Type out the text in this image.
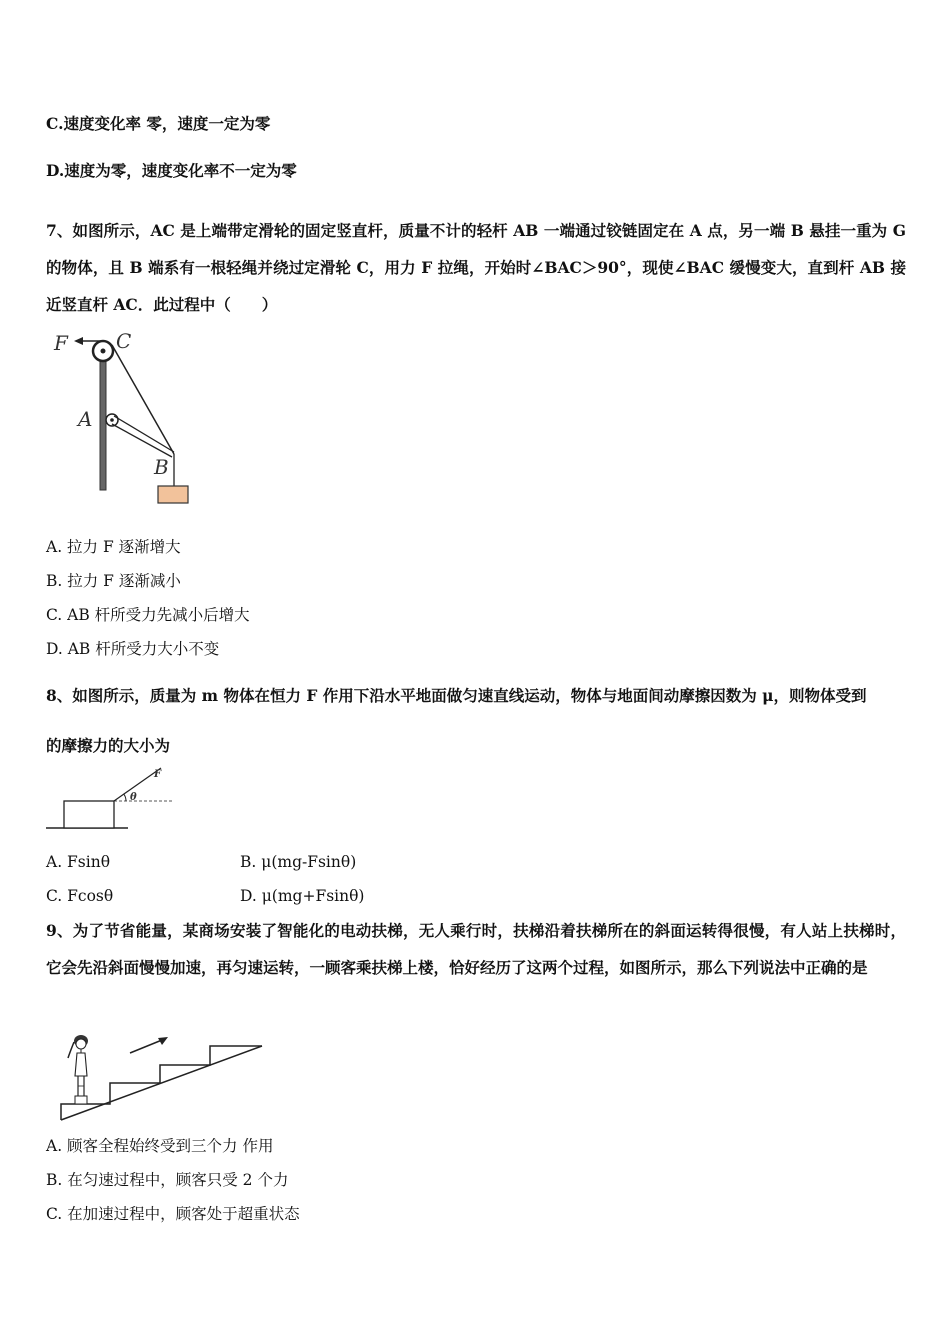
C.速度变化率 零，速度一定为零
D.速度为零，速度变化率不一定为零
7、如图所示，AC 是上端带定滑轮的固定竖直杆，质量不计的轻杆 AB 一端通过铰链固定在 A 点，另一端 B 悬挂一重为 G 的物体，且 B 端系有一根轻绳并绕过定滑轮 C，用力 F 拉绳，开始时∠BAC＞90°，现使∠BAC 缓慢变大，直到杆 AB 接近竖直杆 AC．此过程中（　　）
F C
A
B
A. 拉力 F 逐渐增大
B. 拉力 F 逐渐减小
C. AB 杆所受力先减小后增大
D. AB 杆所受力大小不变
8、如图所示，质量为 m 物体在恒力 F 作用下沿水平地面做匀速直线运动，物体与地面间动摩擦因数为 μ，则物体受到
的摩擦力的大小为
F
θ
A. Fsinθ	B. μ(mg-Fsinθ)
C. Fcosθ	D. μ(mg+Fsinθ)
9、为了节省能量，某商场安装了智能化的电动扶梯，无人乘行时，扶梯沿着扶梯所在的斜面运转得很慢，有人站上扶梯时，它会先沿斜面慢慢加速，再匀速运转，一顾客乘扶梯上楼，恰好经历了这两个过程，如图所示，那么下列说法中正确的是
A. 顾客全程始终受到三个力 作用
B. 在匀速过程中，顾客只受 2 个力
C. 在加速过程中，顾客处于超重状态
